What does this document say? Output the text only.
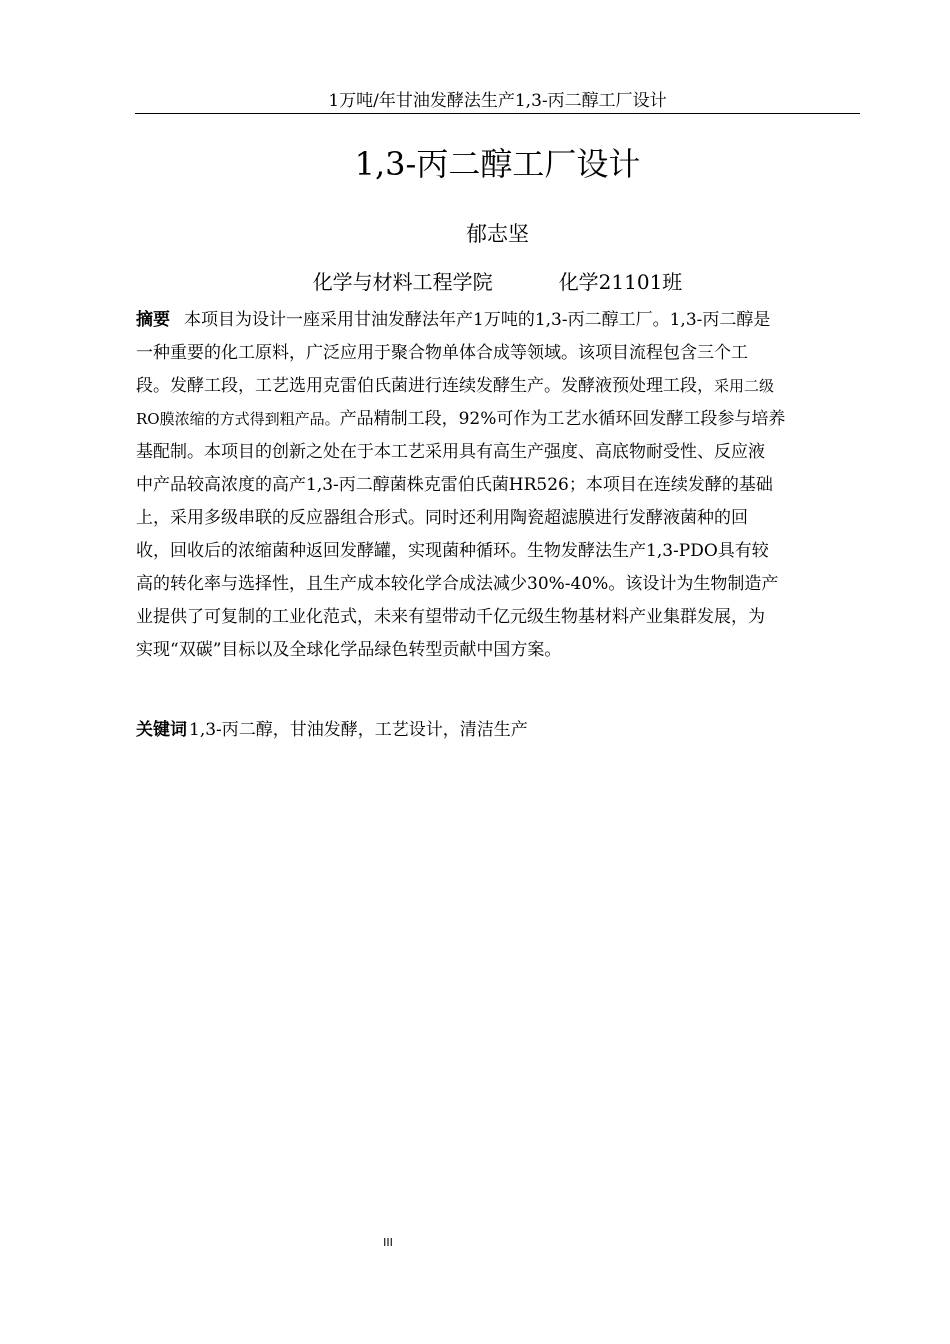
1万吨/年甘油发酵法生产1,3-丙二醇工厂设计
1,3-丙二醇工厂设计
郁志坚
化学与材料工程学院	化学21101班
摘要 本项目为设计一座采用甘油发酵法年产1万吨的1,3-丙二醇工厂。1,3-丙二醇是
一种重要的化工原料，广泛应用于聚合物单体合成等领域。该项目流程包含三个工
段。发酵工段，工艺选用克雷伯氏菌进行连续发酵生产。发酵液预处理工段，采用二级
RO膜浓缩的方式得到粗产品。产品精制工段，92%可作为工艺水循环回发酵工段参与培养
基配制。本项目的创新之处在于本工艺采用具有高生产强度、高底物耐受性、反应液
中产品较高浓度的高产1,3-丙二醇菌株克雷伯氏菌HR526；本项目在连续发酵的基础
上，采用多级串联的反应器组合形式。同时还利用陶瓷超滤膜进行发酵液菌种的回
收，回收后的浓缩菌种返回发酵罐，实现菌种循环。生物发酵法生产1,3-PDO具有较
高的转化率与选择性，且生产成本较化学合成法减少30%-40%。该设计为生物制造产
业提供了可复制的工业化范式，未来有望带动千亿元级生物基材料产业集群发展，为
实现“双碳”目标以及全球化学品绿色转型贡献中国方案。
关键词 1,3-丙二醇，甘油发酵，工艺设计，清洁生产
III
